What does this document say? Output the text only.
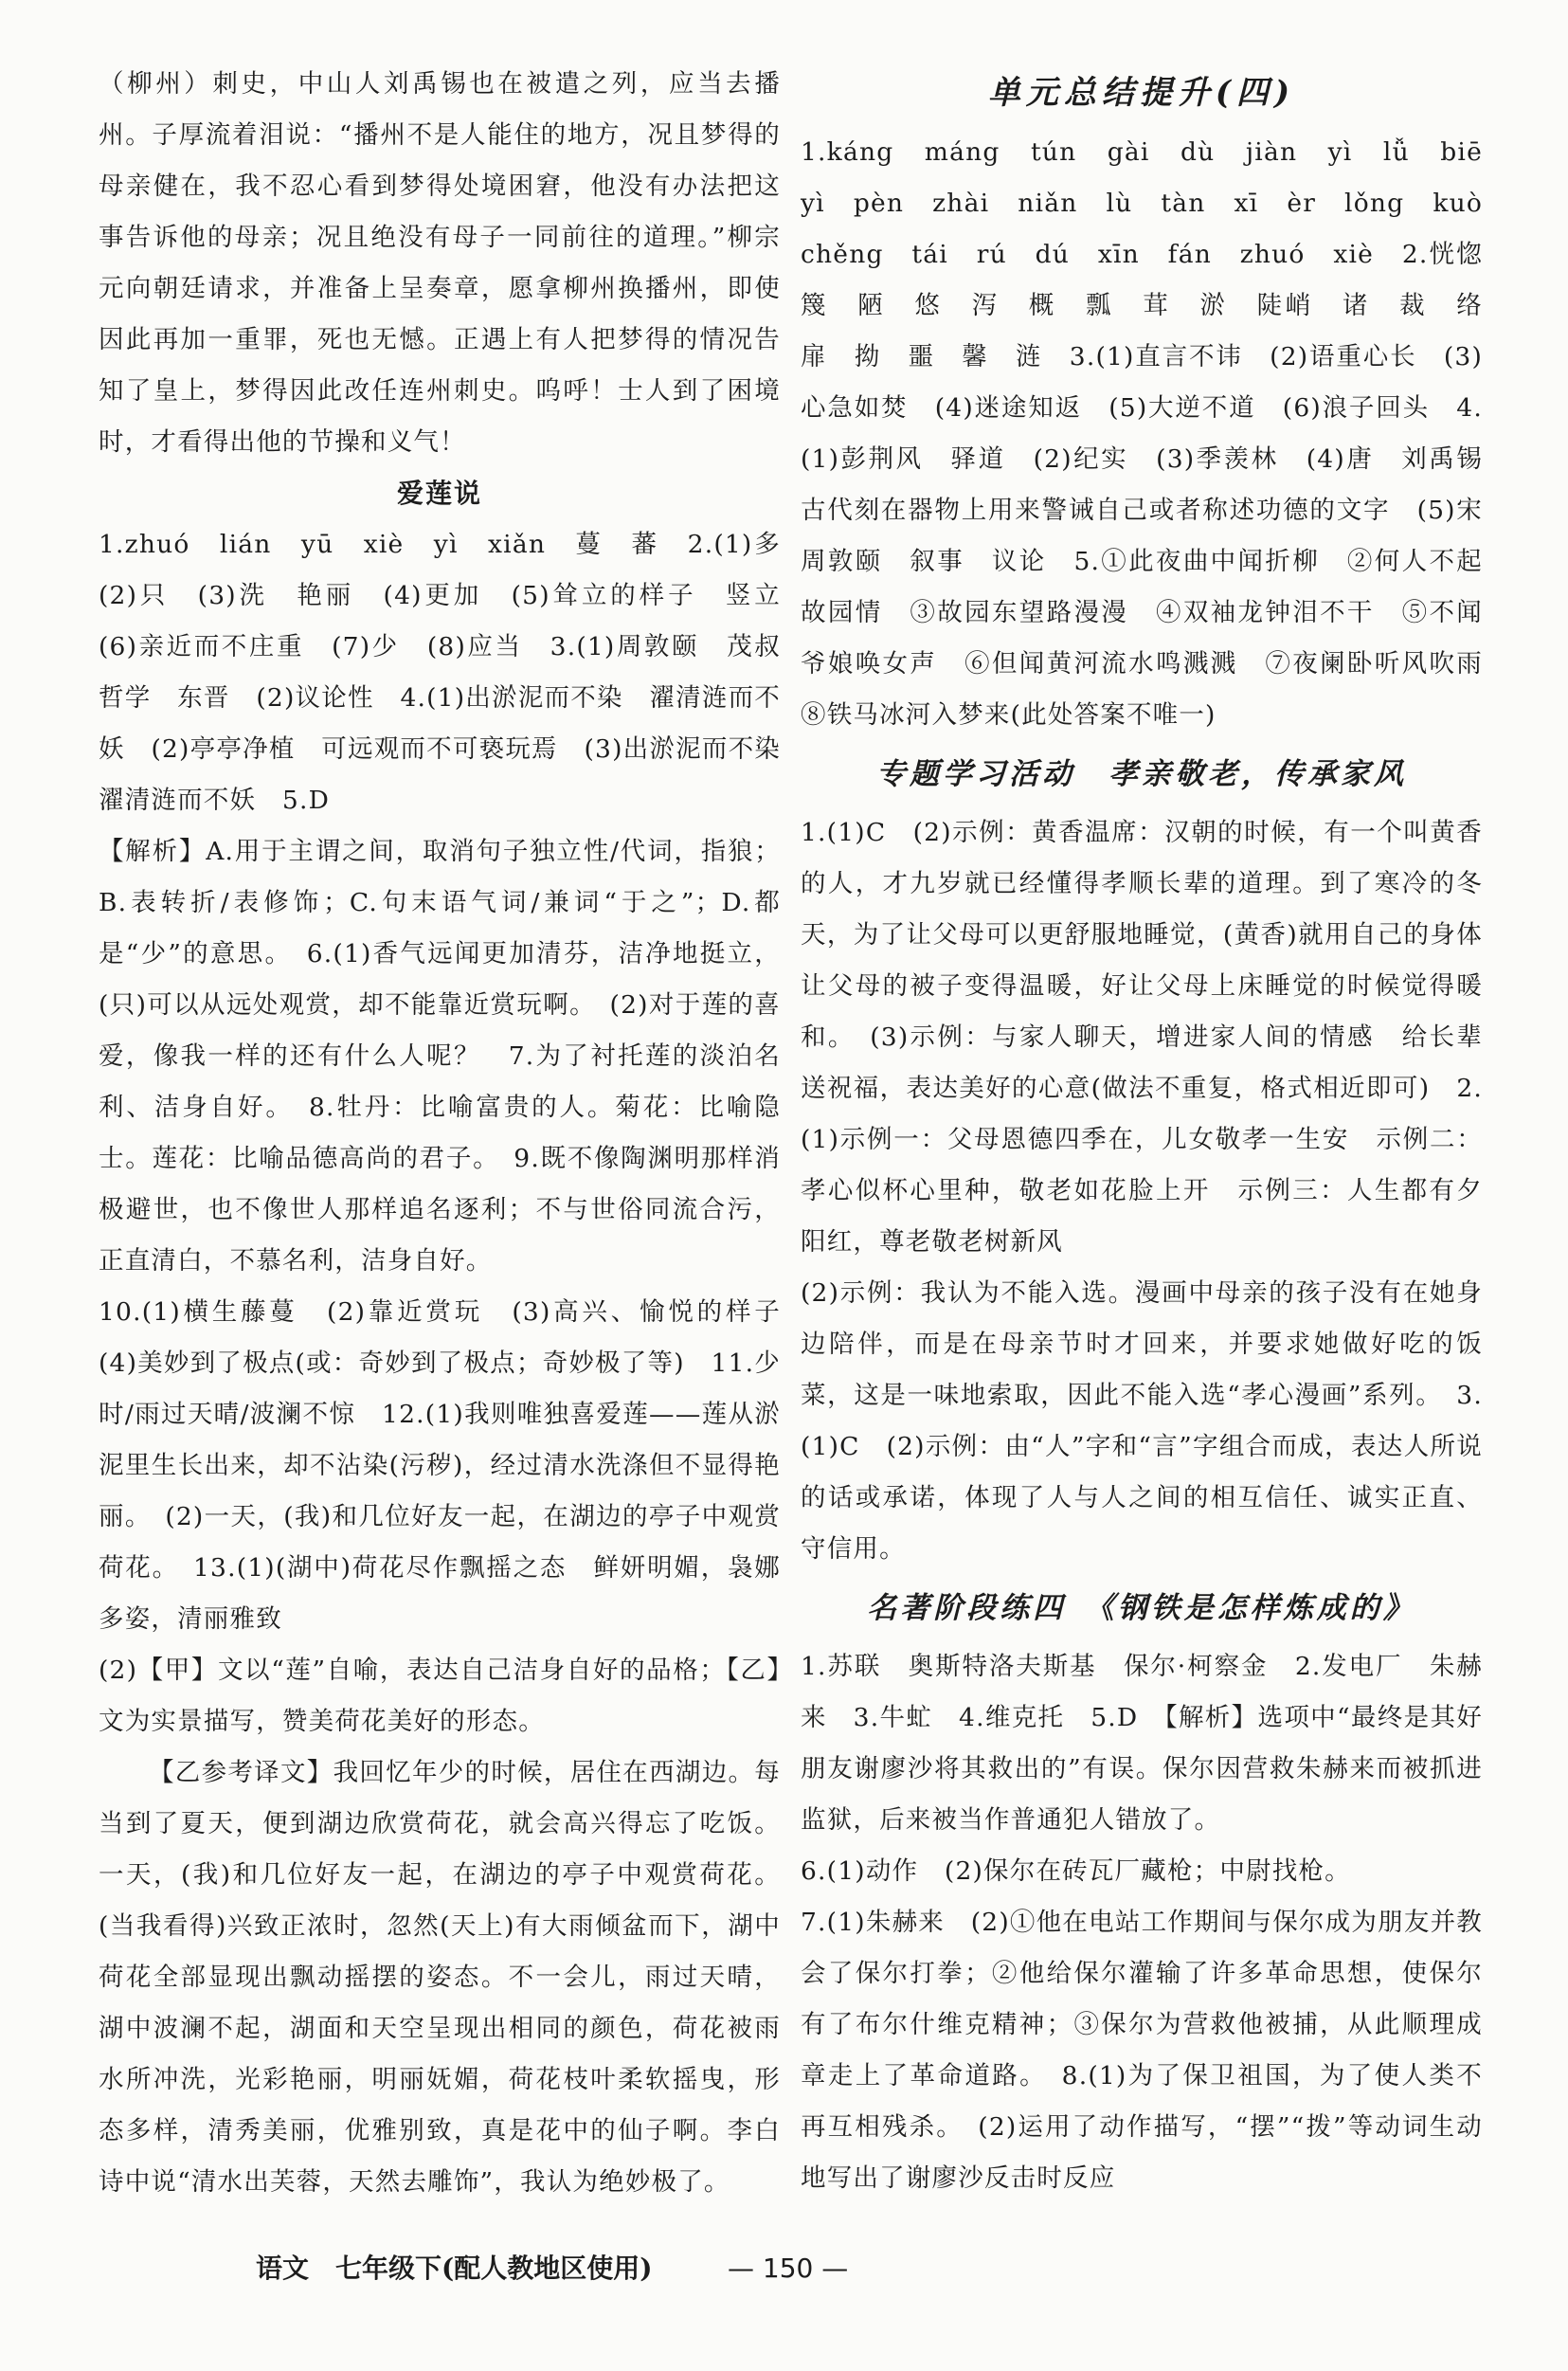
（柳州）刺史，中山人刘禹锡也在被遣之列，应当去播州。子厚流着泪说：“播州不是人能住的地方，况且梦得的母亲健在，我不忍心看到梦得处境困窘，他没有办法把这事告诉他的母亲；况且绝没有母子一同前往的道理。”柳宗元向朝廷请求，并准备上呈奏章，愿拿柳州换播州，即使因此再加一重罪，死也无憾。正遇上有人把梦得的情况告知了皇上，梦得因此改任连州刺史。呜呼！士人到了困境时，才看得出他的节操和义气！

爱莲说

1.zhuó　lián　yū　xiè　yì　xiǎn　蔓　蕃　2.(1)多　(2)只　(3)洗　艳丽　(4)更加　(5)耸立的样子　竖立　(6)亲近而不庄重　(7)少　(8)应当　3.(1)周敦颐　茂叔　哲学　东晋　(2)议论性　4.(1)出淤泥而不染　濯清涟而不妖　(2)亭亭净植　可远观而不可亵玩焉　(3)出淤泥而不染　濯清涟而不妖　5.D

【解析】A.用于主谓之间，取消句子独立性/代词，指狼；B.表转折/表修饰；C.句末语气词/兼词“于之”；D.都是“少”的意思。　6.(1)香气远闻更加清芬，洁净地挺立，(只)可以从远处观赏，却不能靠近赏玩啊。　(2)对于莲的喜爱，像我一样的还有什么人呢？　7.为了衬托莲的淡泊名利、洁身自好。　8.牡丹：比喻富贵的人。菊花：比喻隐士。莲花：比喻品德高尚的君子。　9.既不像陶渊明那样消极避世，也不像世人那样追名逐利；不与世俗同流合污，正直清白，不慕名利，洁身自好。

10.(1)横生藤蔓　(2)靠近赏玩　(3)高兴、愉悦的样子　(4)美妙到了极点(或：奇妙到了极点；奇妙极了等)　11.少时/雨过天晴/波澜不惊　12.(1)我则唯独喜爱莲——莲从淤泥里生长出来，却不沾染(污秽)，经过清水洗涤但不显得艳丽。　(2)一天，(我)和几位好友一起，在湖边的亭子中观赏荷花。　13.(1)(湖中)荷花尽作飘摇之态　鲜妍明媚，袅娜多姿，清丽雅致

(2)【甲】文以“莲”自喻，表达自己洁身自好的品格；【乙】文为实景描写，赞美荷花美好的形态。

【乙参考译文】我回忆年少的时候，居住在西湖边。每当到了夏天，便到湖边欣赏荷花，就会高兴得忘了吃饭。一天，(我)和几位好友一起，在湖边的亭子中观赏荷花。(当我看得)兴致正浓时，忽然(天上)有大雨倾盆而下，湖中荷花全部显现出飘动摇摆的姿态。不一会儿，雨过天晴，湖中波澜不起，湖面和天空呈现出相同的颜色，荷花被雨水所冲洗，光彩艳丽，明丽妩媚，荷花枝叶柔软摇曳，形态多样，清秀美丽，优雅别致，真是花中的仙子啊。李白诗中说“清水出芙蓉，天然去雕饰”，我认为绝妙极了。

单元总结提升(四)

1.káng　máng　tún　gài　dù　jiàn　yì　lǚ　biē　yì　pèn　zhài　niǎn　lù　tàn　xī　èr　lǒng　kuò　chěng　tái　rú　dú　xīn　fán　zhuó　xiè　2.恍惚　篾　陋　悠　泻　概　瓢　茸　淤　陡峭　诸　裁　络　扉　拗　噩　馨　涟　3.(1)直言不讳　(2)语重心长　(3)心急如焚　(4)迷途知返　(5)大逆不道　(6)浪子回头　4.(1)彭荆风　驿道　(2)纪实　(3)季羡林　(4)唐　刘禹锡　古代刻在器物上用来警诫自己或者称述功德的文字　(5)宋　周敦颐　叙事　议论　5.①此夜曲中闻折柳　②何人不起故园情　③故园东望路漫漫　④双袖龙钟泪不干　⑤不闻爷娘唤女声　⑥但闻黄河流水鸣溅溅　⑦夜阑卧听风吹雨　⑧铁马冰河入梦来(此处答案不唯一)

专题学习活动　孝亲敬老，传承家风

1.(1)C　(2)示例：黄香温席：汉朝的时候，有一个叫黄香的人，才九岁就已经懂得孝顺长辈的道理。到了寒冷的冬天，为了让父母可以更舒服地睡觉，(黄香)就用自己的身体让父母的被子变得温暖，好让父母上床睡觉的时候觉得暖和。　(3)示例：与家人聊天，增进家人间的情感　给长辈送祝福，表达美好的心意(做法不重复，格式相近即可)　2.(1)示例一：父母恩德四季在，儿女敬孝一生安　示例二：孝心似杯心里种，敬老如花脸上开　示例三：人生都有夕阳红，尊老敬老树新风

(2)示例：我认为不能入选。漫画中母亲的孩子没有在她身边陪伴，而是在母亲节时才回来，并要求她做好吃的饭菜，这是一味地索取，因此不能入选“孝心漫画”系列。　3.(1)C　(2)示例：由“人”字和“言”字组合而成，表达人所说的话或承诺，体现了人与人之间的相互信任、诚实正直、守信用。

名著阶段练四　《钢铁是怎样炼成的》

1.苏联　奥斯特洛夫斯基　保尔·柯察金　2.发电厂　朱赫来　3.牛虻　4.维克托　5.D　【解析】选项中“最终是其好朋友谢廖沙将其救出的”有误。保尔因营救朱赫来而被抓进监狱，后来被当作普通犯人错放了。

6.(1)动作　(2)保尔在砖瓦厂藏枪；中尉找枪。

7.(1)朱赫来　(2)①他在电站工作期间与保尔成为朋友并教会了保尔打拳；②他给保尔灌输了许多革命思想，使保尔有了布尔什维克精神；③保尔为营救他被捕，从此顺理成章走上了革命道路。　8.(1)为了保卫祖国，为了使人类不再互相残杀。　(2)运用了动作描写，“摆”“拨”等动词生动地写出了谢廖沙反击时反应

语文　七年级下(配人教地区使用)	— 150 —
